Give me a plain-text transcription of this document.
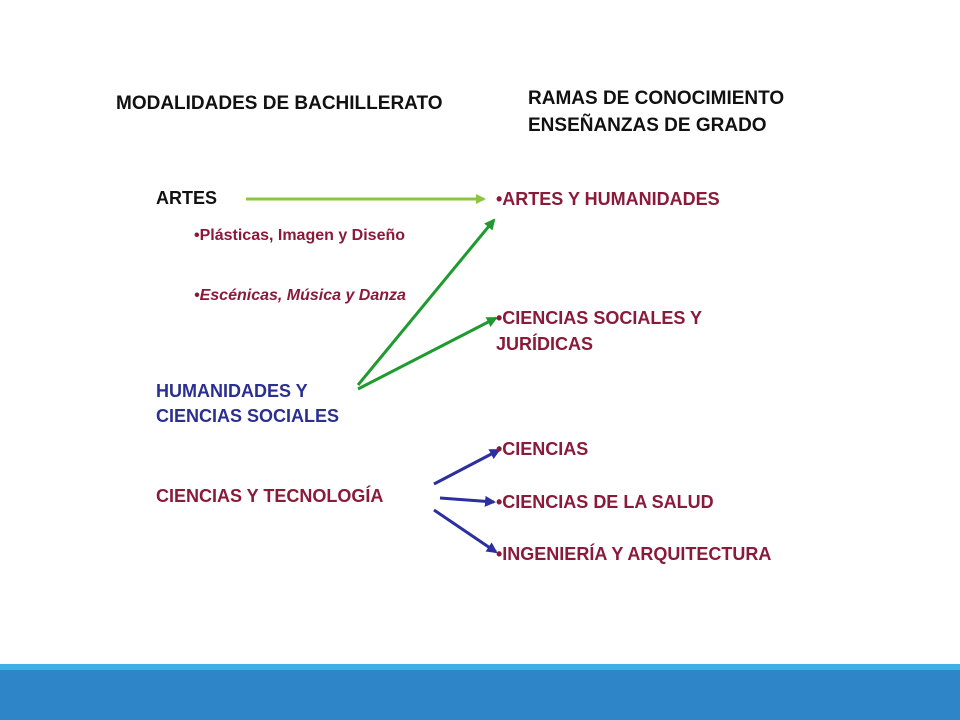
MODALIDADES DE BACHILLERATO	RAMAS DE CONOCIMIENTO

ENSEÑANZAS DE GRADO

ARTES

•Plásticas, Imagen y Diseño

•Escénicas, Música y Danza

HUMANIDADES Y

CIENCIAS SOCIALES

CIENCIAS Y TECNOLOGÍA

•ARTES Y HUMANIDADES

•CIENCIAS SOCIALES Y

JURÍDICAS

•CIENCIAS

•CIENCIAS DE LA SALUD

•INGENIERÍA Y ARQUITECTURA
